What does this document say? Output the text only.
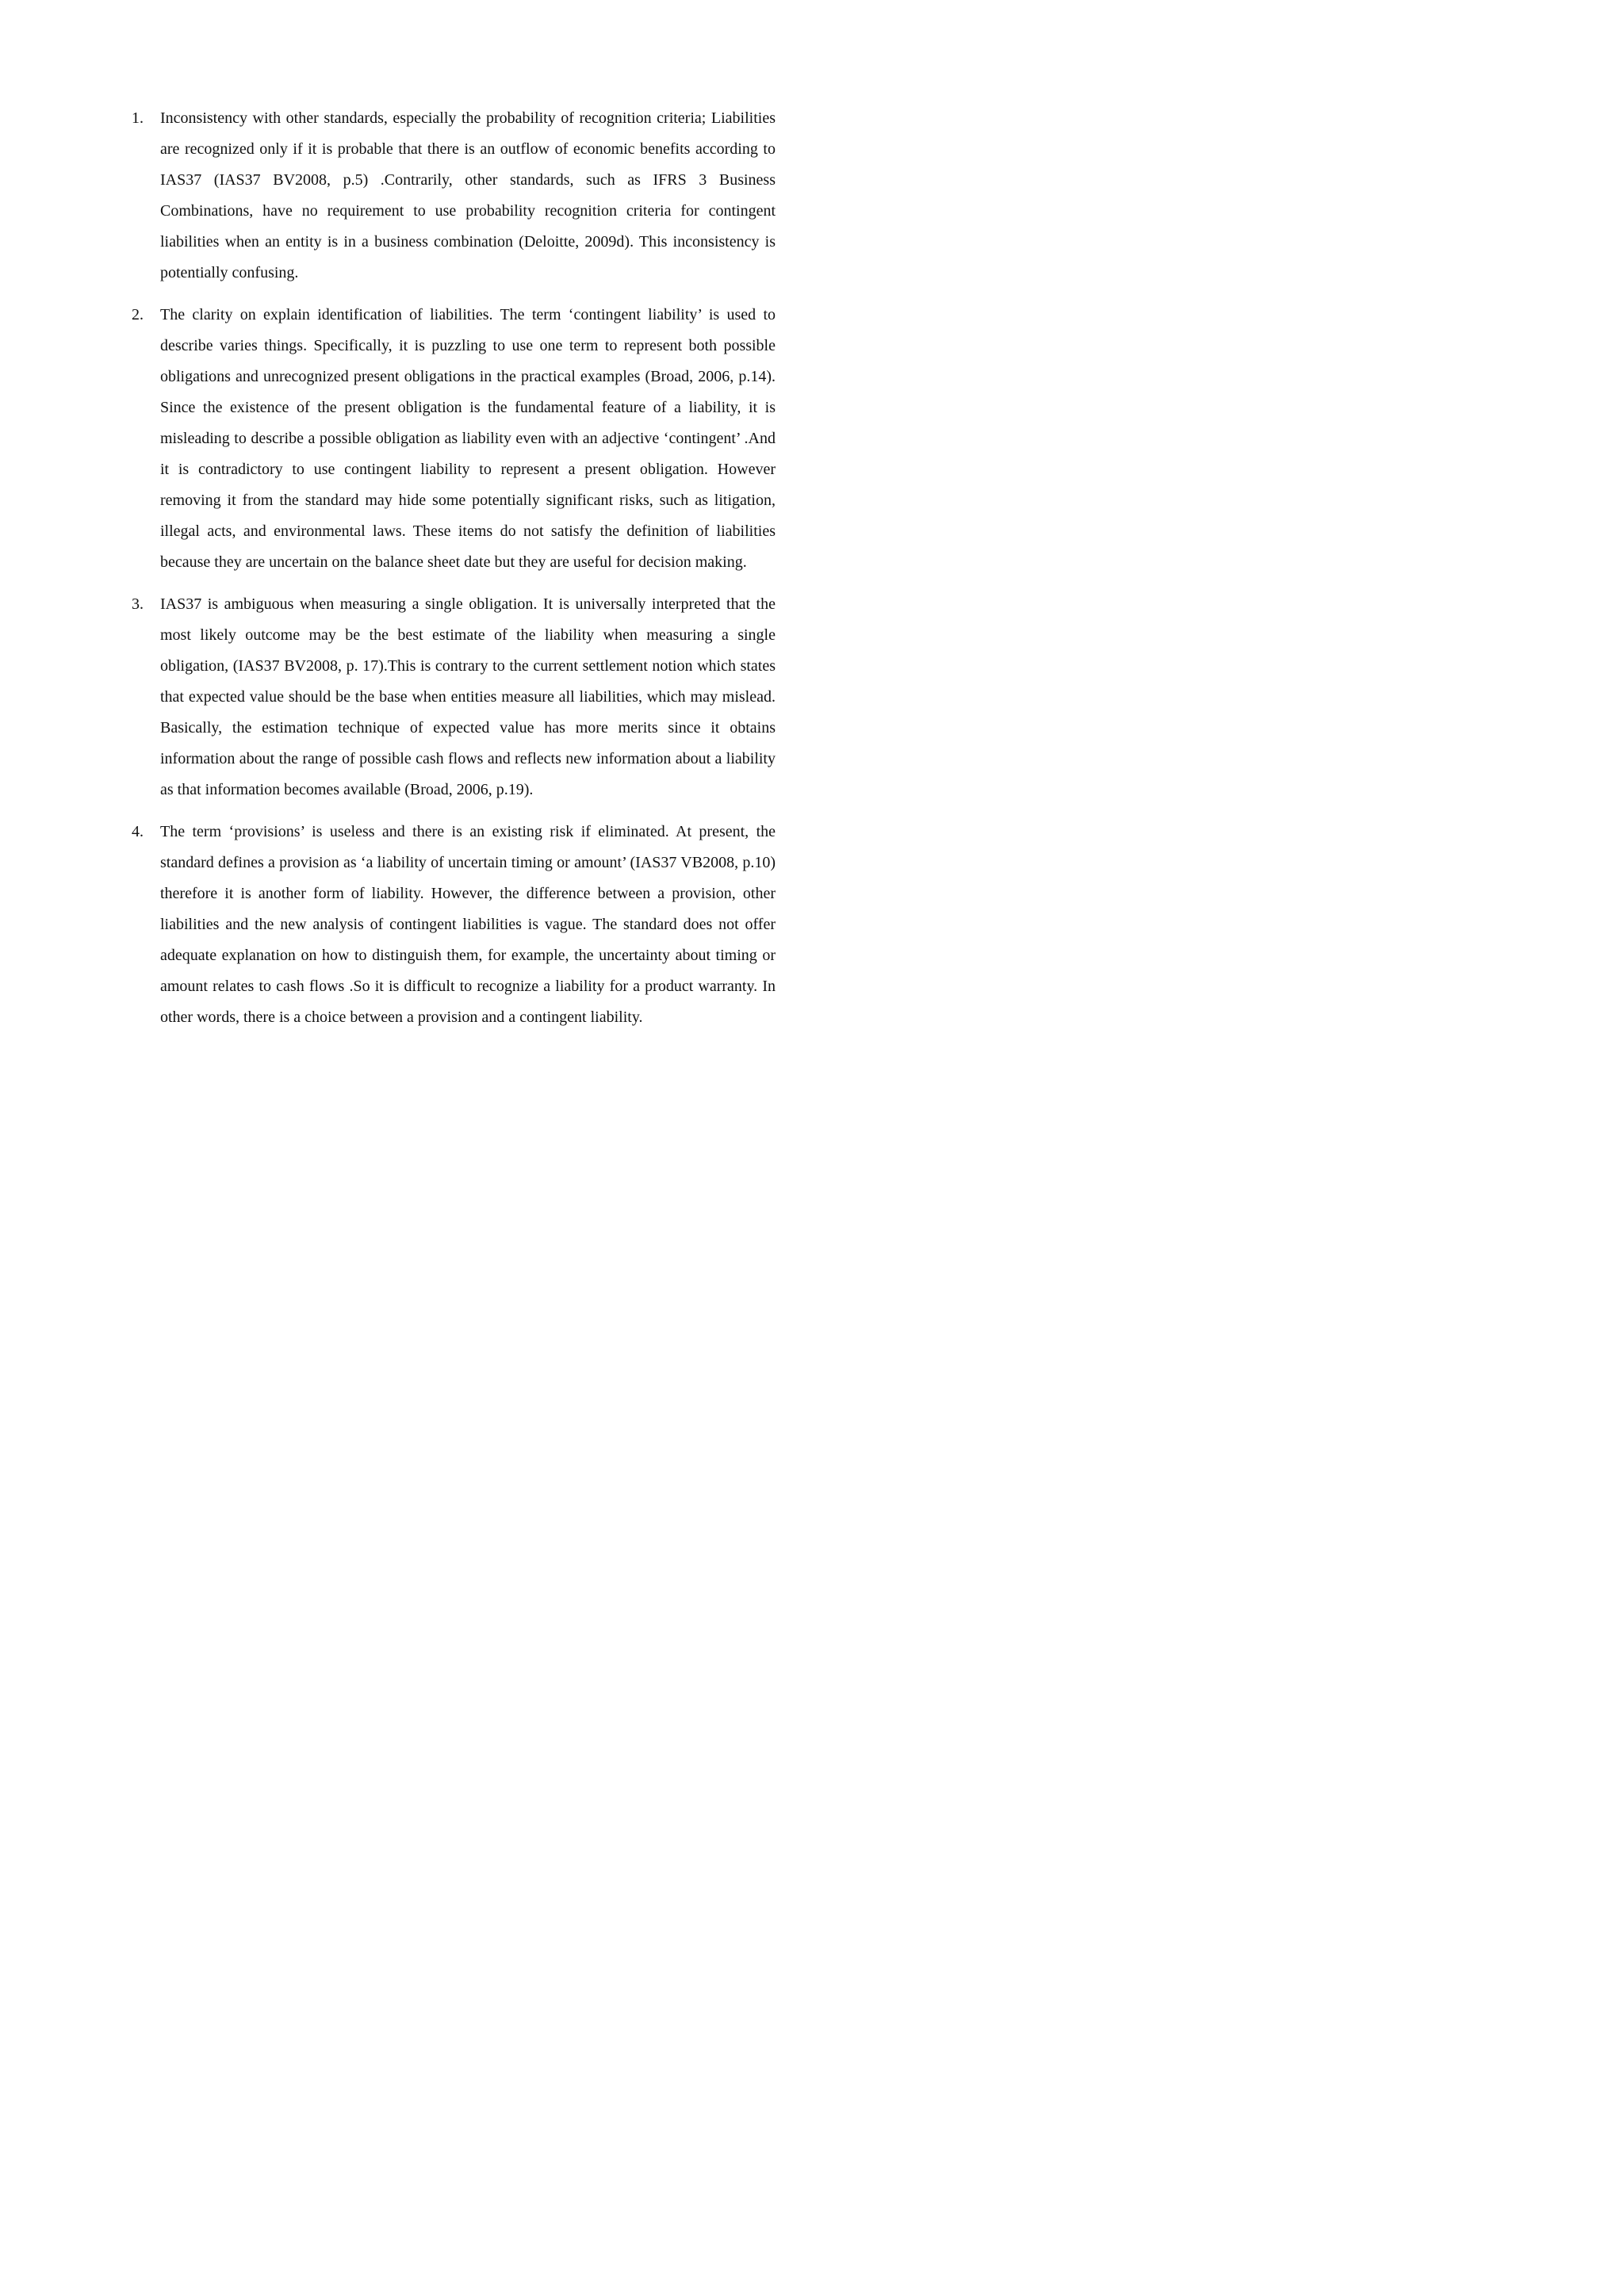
1. Inconsistency with other standards, especially the probability of recognition criteria; Liabilities are recognized only if it is probable that there is an outflow of economic benefits according to IAS37 (IAS37 BV2008, p.5) .Contrarily, other standards, such as IFRS 3 Business Combinations, have no requirement to use probability recognition criteria for contingent liabilities when an entity is in a business combination (Deloitte, 2009d). This inconsistency is potentially confusing.

2. The clarity on explain identification of liabilities. The term ‘contingent liability’ is used to describe varies things. Specifically, it is puzzling to use one term to represent both possible obligations and unrecognized present obligations in the practical examples (Broad, 2006, p.14). Since the existence of the present obligation is the fundamental feature of a liability, it is misleading to describe a possible obligation as liability even with an adjective ‘contingent’ .And it is contradictory to use contingent liability to represent a present obligation. However removing it from the standard may hide some potentially significant risks, such as litigation, illegal acts, and environmental laws. These items do not satisfy the definition of liabilities because they are uncertain on the balance sheet date but they are useful for decision making.

3. IAS37 is ambiguous when measuring a single obligation. It is universally interpreted that the most likely outcome may be the best estimate of the liability when measuring a single obligation, (IAS37 BV2008, p. 17).This is contrary to the current settlement notion which states that expected value should be the base when entities measure all liabilities, which may mislead. Basically, the estimation technique of expected value has more merits since it obtains information about the range of possible cash flows and reflects new information about a liability as that information becomes available (Broad, 2006, p.19).

4. The term ‘provisions’ is useless and there is an existing risk if eliminated. At present, the standard defines a provision as ‘a liability of uncertain timing or amount’ (IAS37 VB2008, p.10) therefore it is another form of liability. However, the difference between a provision, other liabilities and the new analysis of contingent liabilities is vague. The standard does not offer adequate explanation on how to distinguish them, for example, the uncertainty about timing or amount relates to cash flows .So it is difficult to recognize a liability for a product warranty. In other words, there is a choice between a provision and a contingent liability.
